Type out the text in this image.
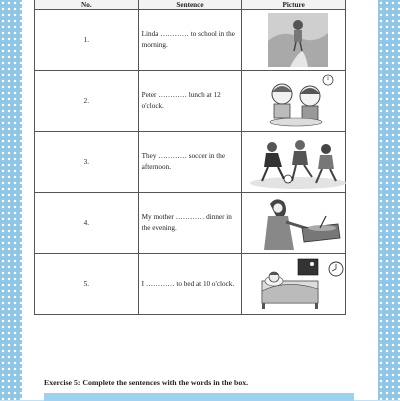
No.	Sentence	Picture
1.	Linda ………… to school in the morning.	

2.	Peter ………… lunch at 12 o'clock.	

3.	They ………… soccer in the afternoon.	

4.	My mother ………… dinner in the evening.	

5.	I ………… to bed at 10 o'clock.	
Exercise 5: Complete the sentences with the words in the box.
